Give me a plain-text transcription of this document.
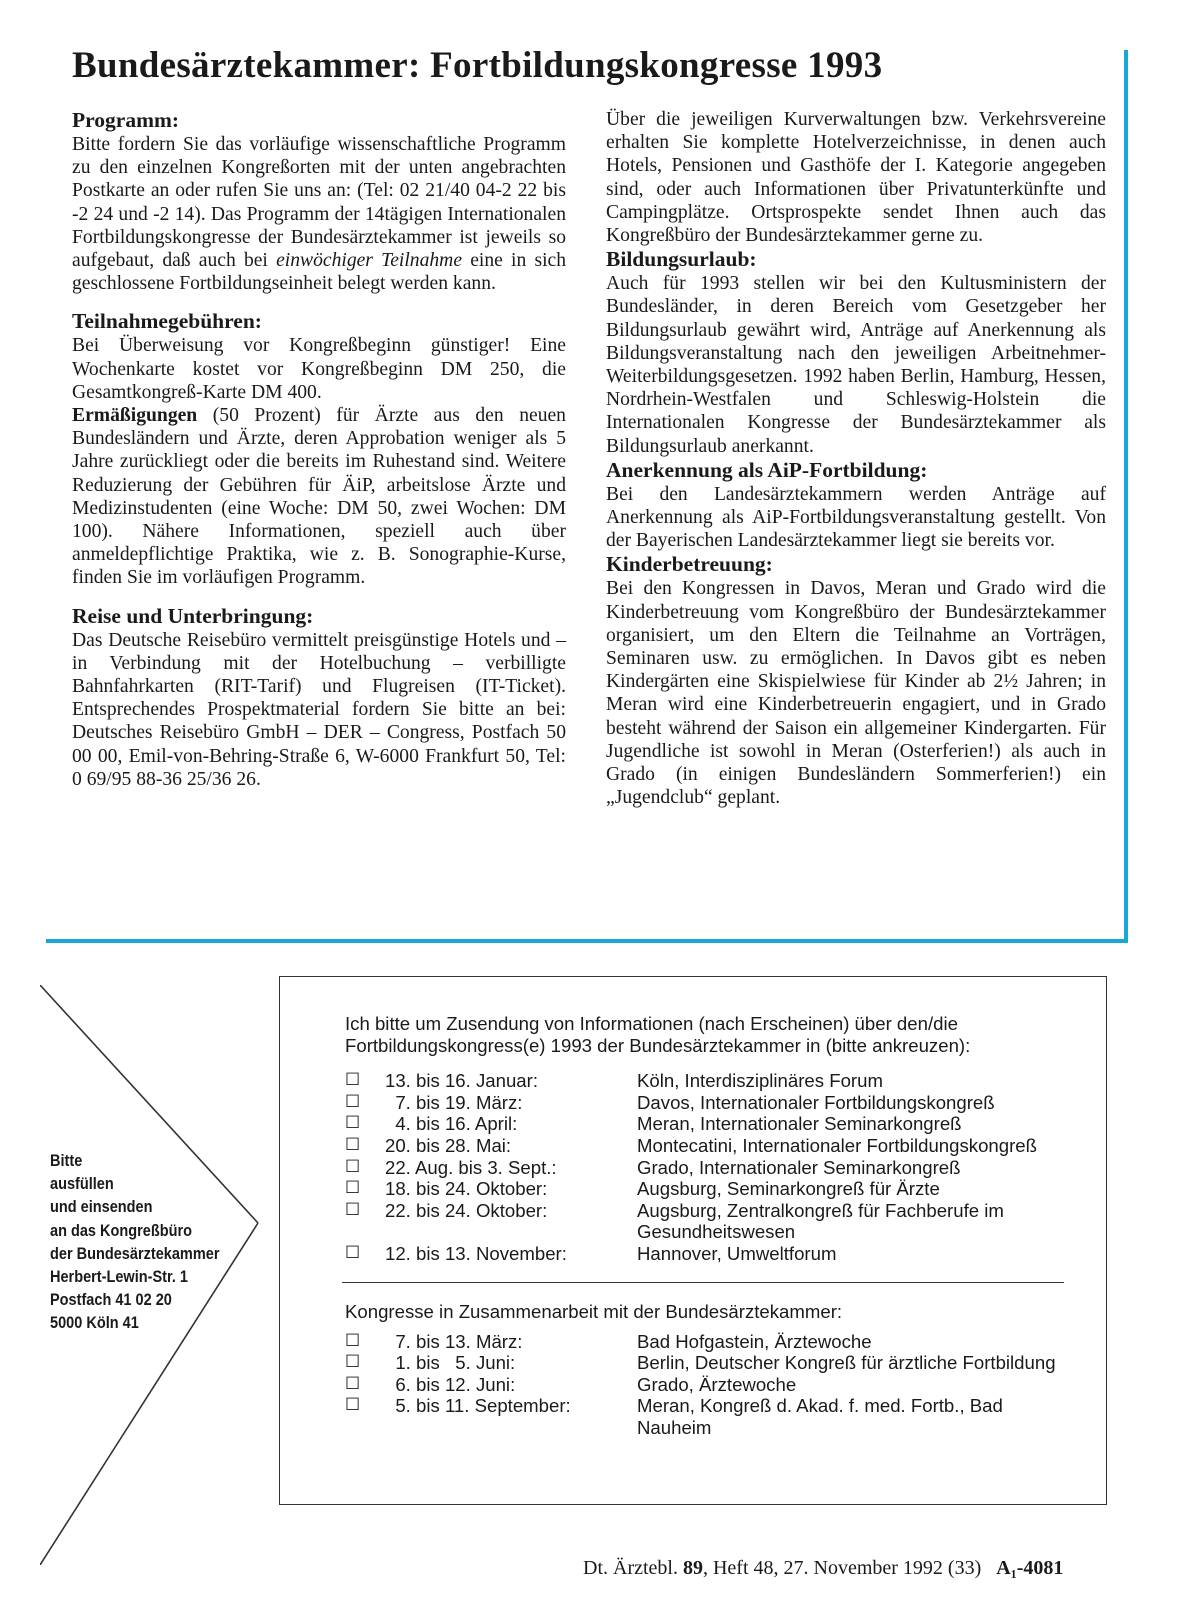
Bundesärztekammer: Fortbildungskongresse 1993
Programm:

Bitte fordern Sie das vorläufige wissenschaftliche Programm zu den einzelnen Kongreßorten mit der unten angebrachten Postkarte an oder rufen Sie uns an: (Tel: 02 21/40 04-2 22 bis -2 24 und -2 14). Das Programm der 14tägigen Internationalen Fortbildungskongresse der Bundesärztekammer ist jeweils so aufgebaut, daß auch bei einwöchiger Teilnahme eine in sich geschlossene Fortbildungseinheit belegt werden kann.

Teilnahmegebühren:

Bei Überweisung vor Kongreßbeginn günstiger! Eine Wochenkarte kostet vor Kongreßbeginn DM 250, die Gesamtkongreß-Karte DM 400.
Ermäßigungen (50 Prozent) für Ärzte aus den neuen Bundesländern und Ärzte, deren Approbation weniger als 5 Jahre zurückliegt oder die bereits im Ruhestand sind. Weitere Reduzierung der Gebühren für ÄiP, arbeitslose Ärzte und Medizinstudenten (eine Woche: DM 50, zwei Wochen: DM 100). Nähere Informationen, speziell auch über anmeldepflichtige Praktika, wie z. B. Sonographie-Kurse, finden Sie im vorläufigen Programm.

Reise und Unterbringung:

Das Deutsche Reisebüro vermittelt preisgünstige Hotels und – in Verbindung mit der Hotelbuchung – verbilligte Bahnfahrkarten (RIT-Tarif) und Flugreisen (IT-Ticket). Entsprechendes Prospektmaterial fordern Sie bitte an bei: Deutsches Reisebüro GmbH – DER – Congress, Postfach 50 00 00, Emil-von-Behring-Straße 6, W-6000 Frankfurt 50, Tel: 0 69/95 88-36 25/36 26.

Über die jeweiligen Kurverwaltungen bzw. Verkehrsvereine erhalten Sie komplette Hotelverzeichnisse, in denen auch Hotels, Pensionen und Gasthöfe der I. Kategorie angegeben sind, oder auch Informationen über Privatunterkünfte und Campingplätze. Ortsprospekte sendet Ihnen auch das Kongreßbüro der Bundesärztekammer gerne zu.

Bildungsurlaub:

Auch für 1993 stellen wir bei den Kultusministern der Bundesländer, in deren Bereich vom Gesetzgeber her Bildungsurlaub gewährt wird, Anträge auf Anerkennung als Bildungsveranstaltung nach den jeweiligen Arbeitnehmer-Weiterbildungsgesetzen. 1992 haben Berlin, Hamburg, Hessen, Nordrhein-Westfalen und Schleswig-Holstein die Internationalen Kongresse der Bundesärztekammer als Bildungsurlaub anerkannt.

Anerkennung als AiP-Fortbildung:

Bei den Landesärztekammern werden Anträge auf Anerkennung als AiP-Fortbildungsveranstaltung gestellt. Von der Bayerischen Landesärztekammer liegt sie bereits vor.

Kinderbetreuung:

Bei den Kongressen in Davos, Meran und Grado wird die Kinderbetreuung vom Kongreßbüro der Bundesärztekammer organisiert, um den Eltern die Teilnahme an Vorträgen, Seminaren usw. zu ermöglichen. In Davos gibt es neben Kindergärten eine Skispielwiese für Kinder ab 2½ Jahren; in Meran wird eine Kinderbetreuerin engagiert, und in Grado besteht während der Saison ein allgemeiner Kindergarten. Für Jugendliche ist sowohl in Meran (Osterferien!) als auch in Grado (in einigen Bundesländern Sommerferien!) ein „Jugendclub“ geplant.

Bitte
ausfüllen
und einsenden
an das Kongreßbüro
der Bundesärztekammer
Herbert-Lewin-Str. 1
Postfach 41 02 20
5000 Köln 41

Ich bitte um Zusendung von Informationen (nach Erscheinen) über den/die Fortbildungskongress(e) 1993 der Bundesärztekammer in (bitte ankreuzen):

☐	13. bis 16. Januar:	Köln, Interdisziplinäres Forum
☐	7. bis 19. März:	Davos, Internationaler Fortbildungskongreß
☐	4. bis 16. April:	Meran, Internationaler Seminarkongreß
☐	20. bis 28. Mai:	Montecatini, Internationaler Fortbildungskongreß
☐	22. Aug. bis 3. Sept.:	Grado, Internationaler Seminarkongreß
☐	18. bis 24. Oktober:	Augsburg, Seminarkongreß für Ärzte
☐	22. bis 24. Oktober:	Augsburg, Zentralkongreß für Fachberufe im Gesundheitswesen
☐	12. bis 13. November:	Hannover, Umweltforum

Kongresse in Zusammenarbeit mit der Bundesärztekammer:

☐	7. bis 13. März:	Bad Hofgastein, Ärztewoche
☐	1. bis   5. Juni:	Berlin, Deutscher Kongreß für ärztliche Fortbildung
☐	6. bis 12. Juni:	Grado, Ärztewoche
☐	5. bis 11. September:	Meran, Kongreß d. Akad. f. med. Fortb., Bad Nauheim
Dt. Ärztebl. 89, Heft 48, 27. November 1992 (33) A₁-4081
